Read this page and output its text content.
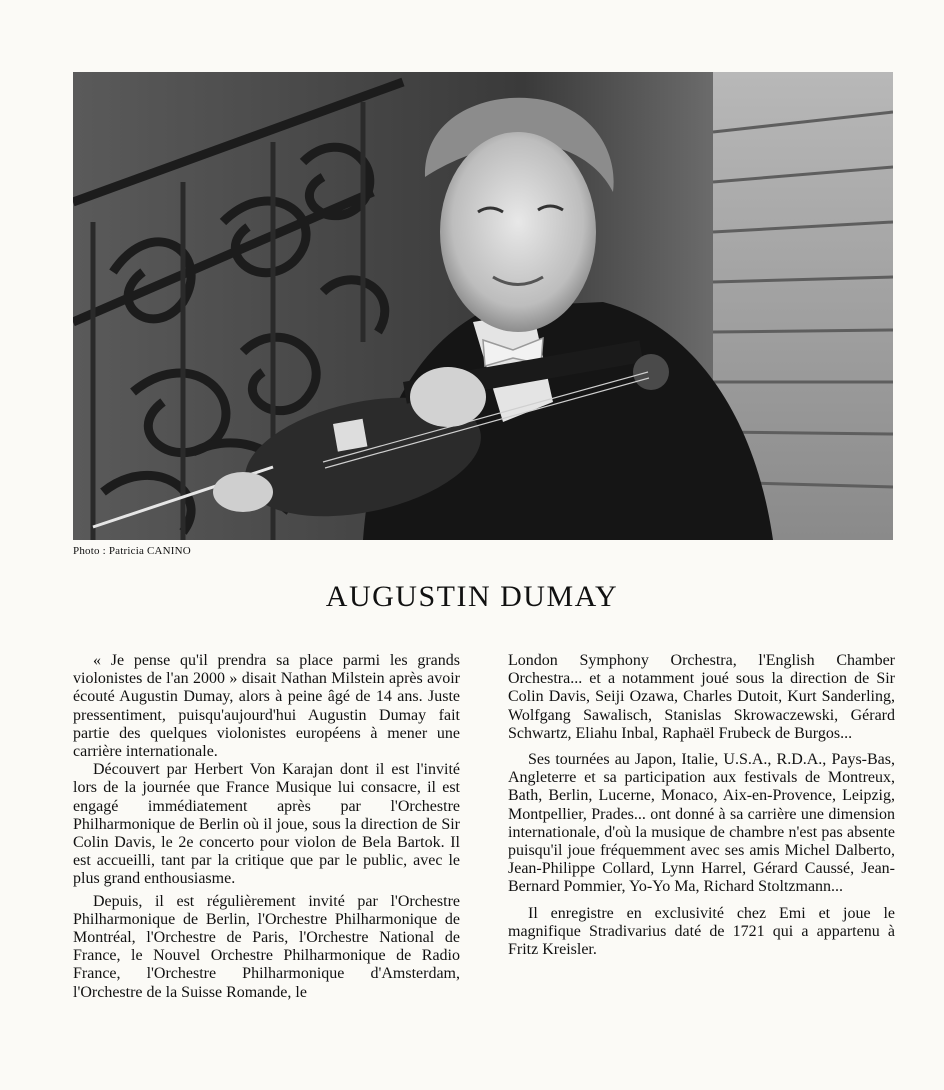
Photo : Patricia CANINO
AUGUSTIN DUMAY

« Je pense qu'il prendra sa place parmi les grands violonistes de l'an 2000 » disait Nathan Milstein après avoir écouté Augustin Dumay, alors à peine âgé de 14 ans. Juste pressentiment, puisqu'aujourd'hui Augustin Dumay fait partie des quelques violonistes européens à mener une carrière internationale.

Découvert par Herbert Von Karajan dont il est l'invité lors de la journée que France Musique lui consacre, il est engagé immédiatement après par l'Orchestre Philharmonique de Berlin où il joue, sous la direction de Sir Colin Davis, le 2e concerto pour violon de Bela Bartok. Il est accueilli, tant par la critique que par le public, avec le plus grand enthousiasme.

Depuis, il est régulièrement invité par l'Orchestre Philharmonique de Berlin, l'Orchestre Philharmonique de Montréal, l'Orchestre de Paris, l'Orchestre National de France, le Nouvel Orchestre Philharmonique de Radio France, l'Orchestre Philharmonique d'Amsterdam, l'Orchestre de la Suisse Romande, le

London Symphony Orchestra, l'English Chamber Orchestra... et a notamment joué sous la direction de Sir Colin Davis, Seiji Ozawa, Charles Dutoit, Kurt Sanderling, Wolfgang Sawalisch, Stanislas Skrowaczewski, Gérard Schwartz, Eliahu Inbal, Raphaël Frubeck de Burgos...

Ses tournées au Japon, Italie, U.S.A., R.D.A., Pays-Bas, Angleterre et sa participation aux festivals de Montreux, Bath, Berlin, Lucerne, Monaco, Aix-en-Provence, Leipzig, Montpellier, Prades... ont donné à sa carrière une dimension internationale, d'où la musique de chambre n'est pas absente puisqu'il joue fréquemment avec ses amis Michel Dalberto, Jean-Philippe Collard, Lynn Harrel, Gérard Caussé, Jean-Bernard Pommier, Yo-Yo Ma, Richard Stoltzmann...

Il enregistre en exclusivité chez Emi et joue le magnifique Stradivarius daté de 1721 qui a appartenu à Fritz Kreisler.
